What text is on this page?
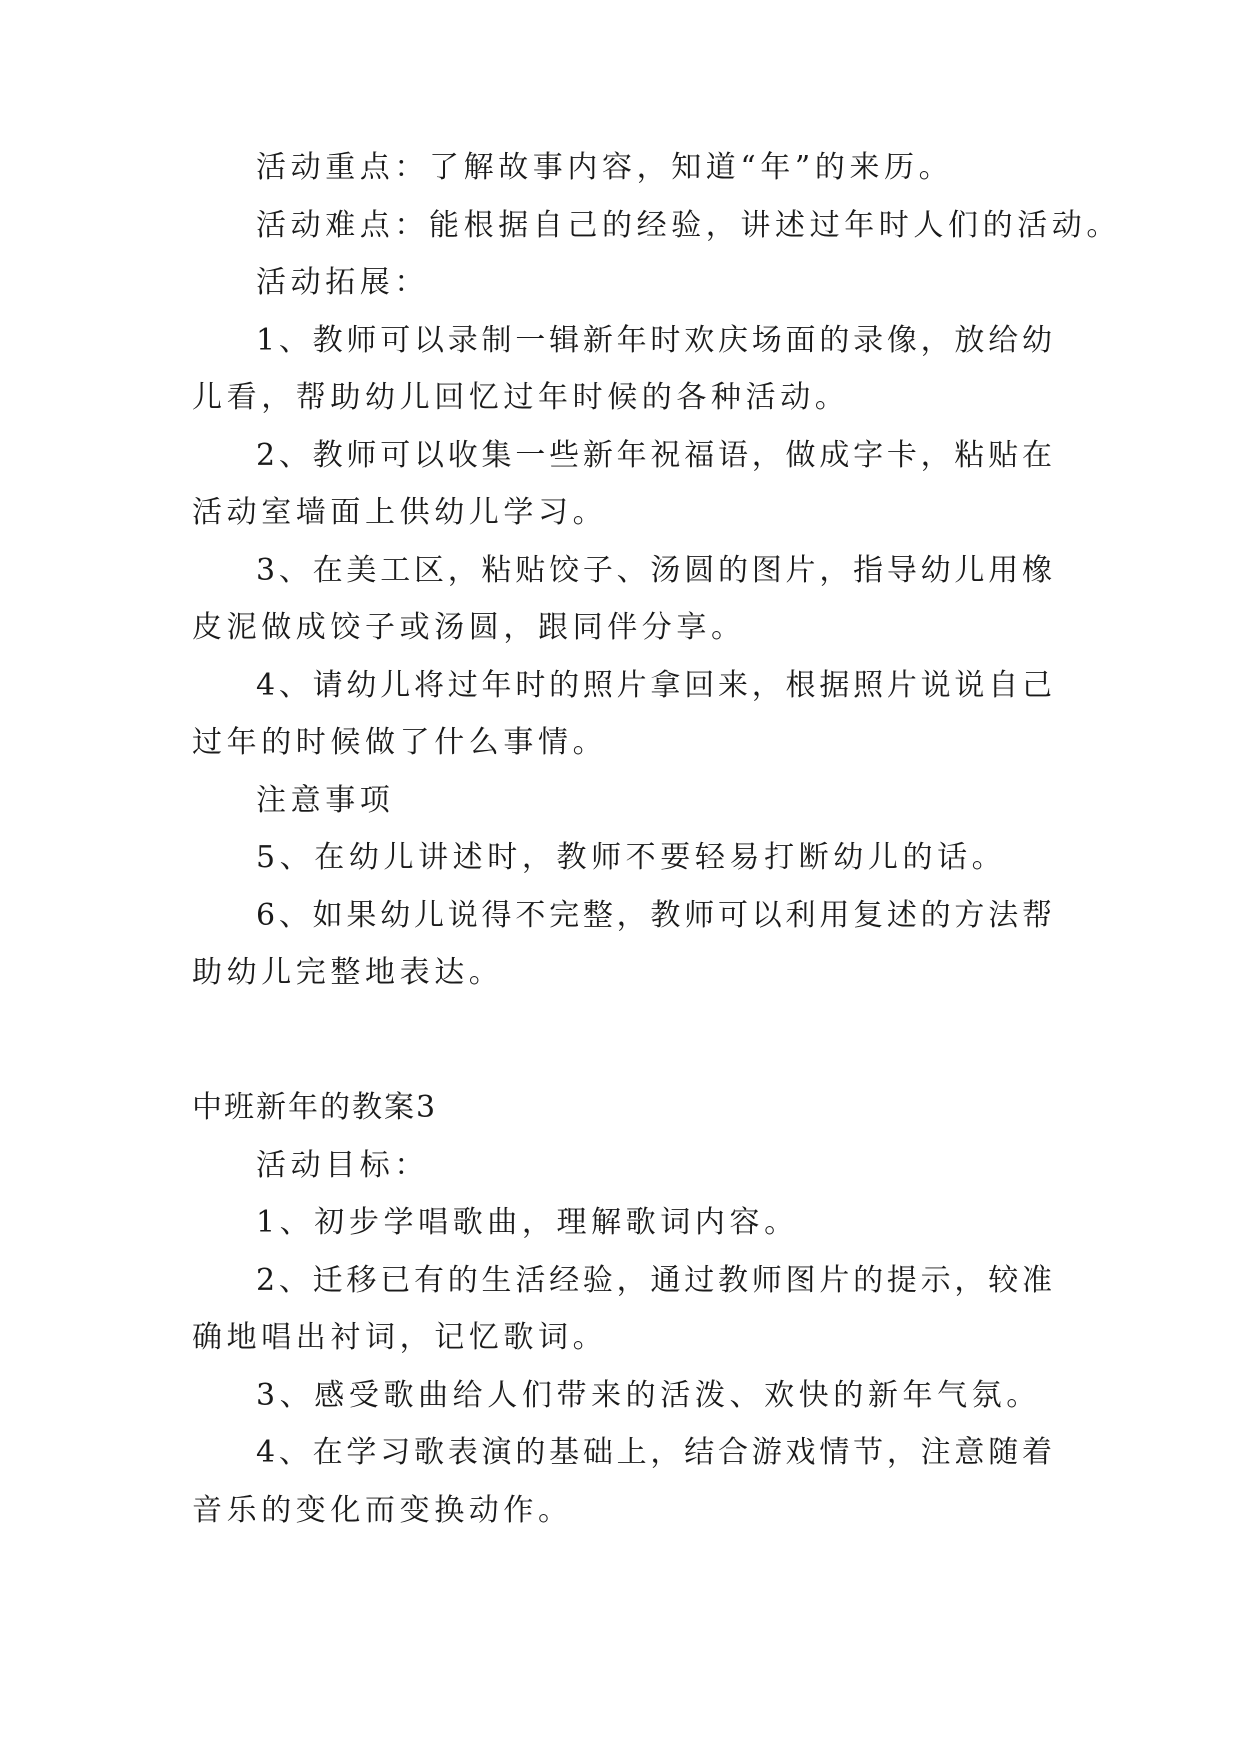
活动重点：了解故事内容，知道“年”的来历。
活动难点：能根据自己的经验，讲述过年时人们的活动。
活动拓展：
1、教师可以录制一辑新年时欢庆场面的录像，放给幼
儿看，帮助幼儿回忆过年时候的各种活动。
2、教师可以收集一些新年祝福语，做成字卡，粘贴在
活动室墙面上供幼儿学习。
3、在美工区，粘贴饺子、汤圆的图片，指导幼儿用橡
皮泥做成饺子或汤圆，跟同伴分享。
4、请幼儿将过年时的照片拿回来，根据照片说说自己
过年的时候做了什么事情。
注意事项
5、在幼儿讲述时，教师不要轻易打断幼儿的话。
6、如果幼儿说得不完整，教师可以利用复述的方法帮
助幼儿完整地表达。
中班新年的教案3
活动目标：
1、初步学唱歌曲，理解歌词内容。
2、迁移已有的生活经验，通过教师图片的提示，较准
确地唱出衬词，记忆歌词。
3、感受歌曲给人们带来的活泼、欢快的新年气氛。
4、在学习歌表演的基础上，结合游戏情节，注意随着
音乐的变化而变换动作。
